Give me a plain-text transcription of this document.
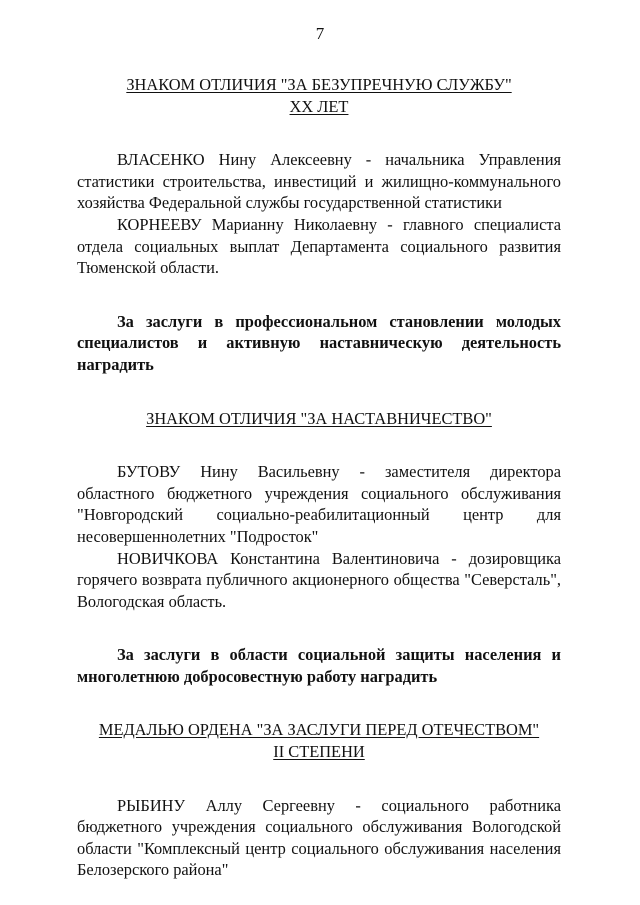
7

ЗНАКОМ ОТЛИЧИЯ "ЗА БЕЗУПРЕЧНУЮ СЛУЖБУ"

XX ЛЕТ

ВЛАСЕНКО Нину Алексеевну - начальника Управления статистики строительства, инвестиций и жилищно-коммунального хозяйства Федеральной службы государственной статистики

КОРНЕЕВУ Марианну Николаевну - главного специалиста отдела социальных выплат Департамента социального развития Тюменской области.

За заслуги в профессиональном становлении молодых специалистов и активную наставническую деятельность наградить

ЗНАКОМ ОТЛИЧИЯ "ЗА НАСТАВНИЧЕСТВО"

БУТОВУ Нину Васильевну - заместителя директора областного бюджетного учреждения социального обслуживания "Новгородский социально-реабилитационный центр для несовершеннолетних "Подросток"

НОВИЧКОВА Константина Валентиновича - дозировщика горячего возврата публичного акционерного общества "Северсталь", Вологодская область.

За заслуги в области социальной защиты населения и многолетнюю добросовестную работу наградить

МЕДАЛЬЮ ОРДЕНА "ЗА ЗАСЛУГИ ПЕРЕД ОТЕЧЕСТВОМ"

II СТЕПЕНИ

РЫБИНУ Аллу Сергеевну - социального работника бюджетного учреждения социального обслуживания Вологодской области "Комплексный центр социального обслуживания населения Белозерского района"
